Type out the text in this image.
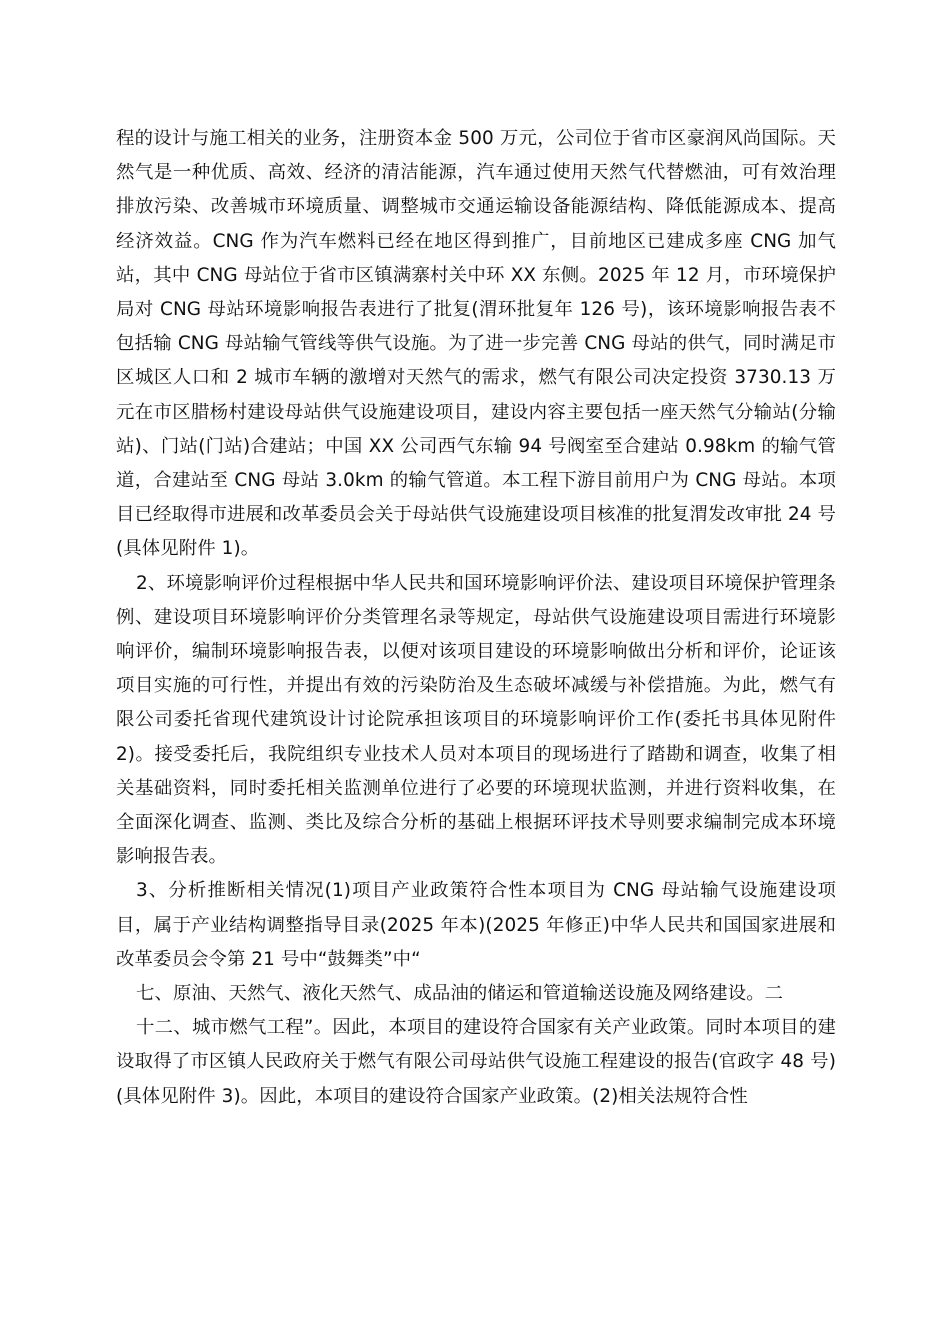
程的设计与施工相关的业务，注册资本金 500 万元，公司位于省市区豪润风尚国际。天然气是一种优质、高效、经济的清洁能源，汽车通过使用天然气代替燃油，可有效治理排放污染、改善城市环境质量、调整城市交通运输设备能源结构、降低能源成本、提高经济效益。CNG 作为汽车燃料已经在地区得到推广，目前地区已建成多座 CNG 加气站，其中 CNG 母站位于省市区镇满寨村关中环 XX 东侧。2025 年 12 月，市环境保护局对 CNG 母站环境影响报告表进行了批复(渭环批复年 126 号)，该环境影响报告表不包括输 CNG 母站输气管线等供气设施。为了进一步完善 CNG 母站的供气，同时满足市区城区人口和 2 城市车辆的激增对天然气的需求，燃气有限公司决定投资 3730.13 万元在市区腊杨村建设母站供气设施建设项目，建设内容主要包括一座天然气分输站(分输站)、门站(门站)合建站；中国 XX 公司西气东输 94 号阀室至合建站 0.98km 的输气管道，合建站至 CNG 母站 3.0km 的输气管道。本工程下游目前用户为 CNG 母站。本项目已经取得市进展和改革委员会关于母站供气设施建设项目核准的批复渭发改审批 24 号(具体见附件 1)。

2、环境影响评价过程根据中华人民共和国环境影响评价法、建设项目环境保护管理条例、建设项目环境影响评价分类管理名录等规定，母站供气设施建设项目需进行环境影响评价，编制环境影响报告表，以便对该项目建设的环境影响做出分析和评价，论证该项目实施的可行性，并提出有效的污染防治及生态破坏减缓与补偿措施。为此，燃气有限公司委托省现代建筑设计讨论院承担该项目的环境影响评价工作(委托书具体见附件 2)。接受委托后，我院组织专业技术人员对本项目的现场进行了踏勘和调查，收集了相关基础资料，同时委托相关监测单位进行了必要的环境现状监测，并进行资料收集，在全面深化调查、监测、类比及综合分析的基础上根据环评技术导则要求编制完成本环境影响报告表。

3、分析推断相关情况(1)项目产业政策符合性本项目为 CNG 母站输气设施建设项目，属于产业结构调整指导目录(2025 年本)(2025 年修正)中华人民共和国国家进展和改革委员会令第 21 号中“鼓舞类”中“

七、原油、天然气、液化天然气、成品油的储运和管道输送设施及网络建设。二

十二、城市燃气工程”。因此，本项目的建设符合国家有关产业政策。同时本项目的建设取得了市区镇人民政府关于燃气有限公司母站供气设施工程建设的报告(官政字 48 号)(具体见附件 3)。因此，本项目的建设符合国家产业政策。(2)相关法规符合性
